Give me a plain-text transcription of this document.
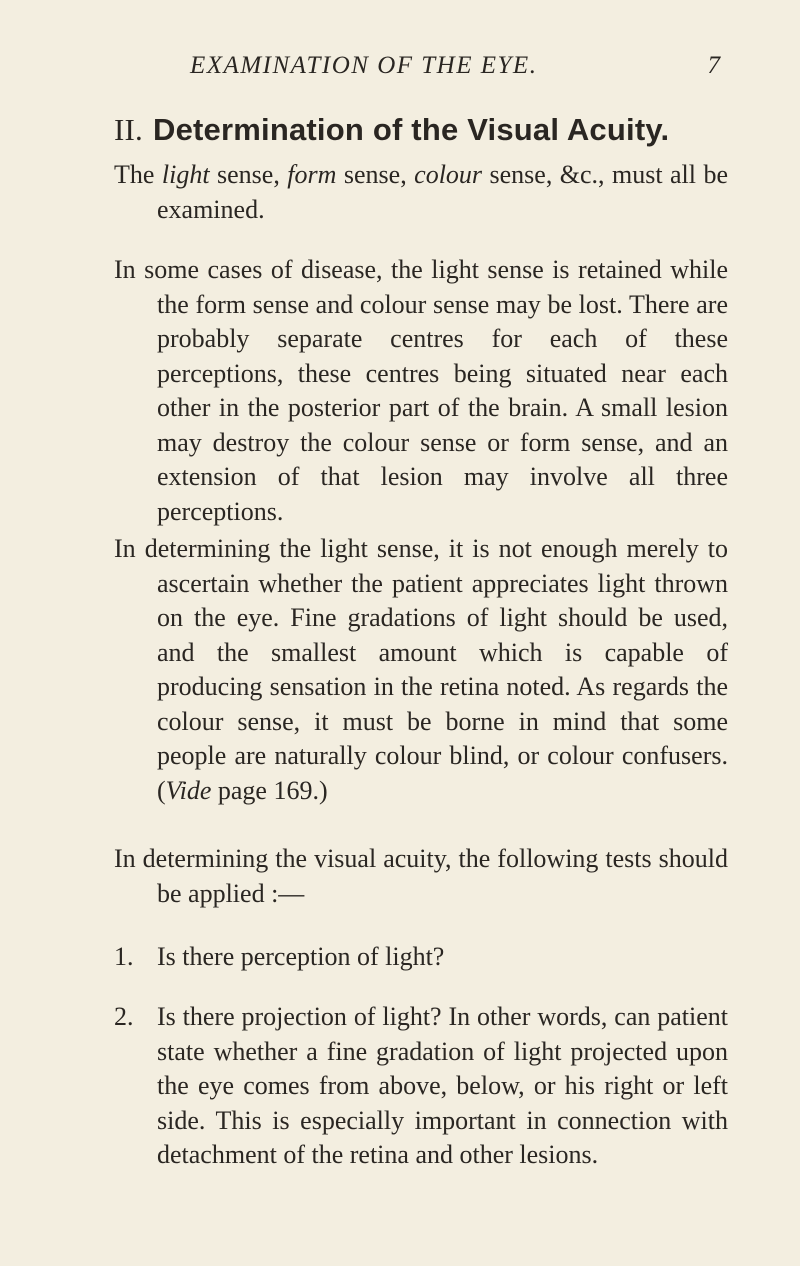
EXAMINATION OF THE EYE.	7
II. Determination of the Visual Acuity.

The light sense, form sense, colour sense, &c., must all be examined.

In some cases of disease, the light sense is retained while the form sense and colour sense may be lost. There are probably separate centres for each of these perceptions, these centres being situated near each other in the posterior part of the brain. A small lesion may destroy the colour sense or form sense, and an extension of that lesion may involve all three perceptions.

In determining the light sense, it is not enough merely to ascertain whether the patient appreciates light thrown on the eye. Fine gradations of light should be used, and the smallest amount which is capable of producing sensation in the retina noted. As regards the colour sense, it must be borne in mind that some people are naturally colour blind, or colour confusers. (Vide page 169.)

In determining the visual acuity, the following tests should be applied :—

1. Is there perception of light?

2. Is there projection of light? In other words, can patient state whether a fine gradation of light projected upon the eye comes from above, below, or his right or left side. This is especially important in connection with detachment of the retina and other lesions.
